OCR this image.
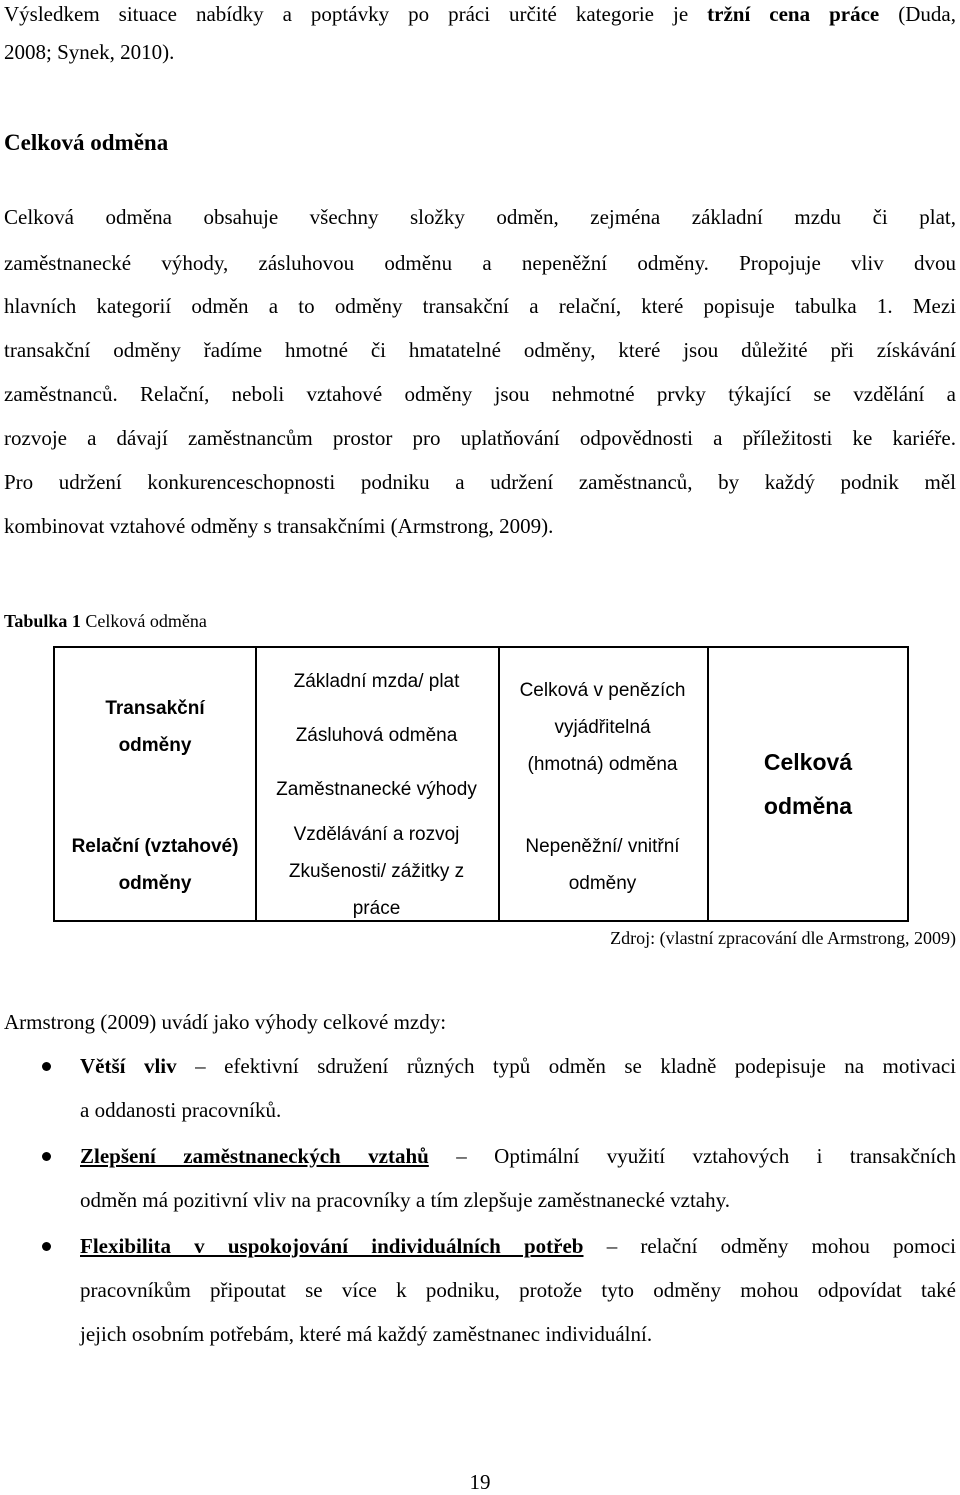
Výsledkem situace nabídky a poptávky po práci určité kategorie je tržní cena práce (Duda,
2008; Synek, 2010).
Celková odměna
Celková odměna obsahuje všechny složky odměn, zejména základní mzdu či plat,
zaměstnanecké výhody, zásluhovou odměnu a nepeněžní odměny. Propojuje vliv dvou
hlavních kategorií odměn a to odměny transakční a relační, které popisuje tabulka 1. Mezi
transakční odměny řadíme hmotné či hmatatelné odměny, které jsou důležité při získávání
zaměstnanců. Relační, neboli vztahové odměny jsou nehmotné prvky týkající se vzdělání a
rozvoje a dávají zaměstnancům prostor pro uplatňování odpovědnosti a příležitosti ke kariéře.
Pro udržení konkurenceschopnosti podniku a udržení zaměstnanců, by každý podnik měl
kombinovat vztahové odměny s transakčními (Armstrong, 2009).
Tabulka 1 Celková odměna
Transakční
odměny
Relační (vztahové)
odměny
Základní mzda/ plat
Zásluhová odměna
Zaměstnanecké výhody
Vzdělávání a rozvoj
Zkušenosti/ zážitky z
práce
Celková v penězích
vyjádřitelná
(hmotná) odměna
Nepeněžní/ vnitřní
odměny
Celková
odměna
Zdroj: (vlastní zpracování dle Armstrong, 2009)
Armstrong (2009) uvádí jako výhody celkové mzdy:
Větší vliv – efektivní sdružení různých typů odměn se kladně podepisuje na motivaci
a oddanosti pracovníků.
Zlepšení zaměstnaneckých vztahů – Optimální využití vztahových i transakčních
odměn má pozitivní vliv na pracovníky a tím zlepšuje zaměstnanecké vztahy.
Flexibilita v uspokojování individuálních potřeb – relační odměny mohou pomoci
pracovníkům připoutat se více k podniku, protože tyto odměny mohou odpovídat také
jejich osobním potřebám, které má každý zaměstnanec individuální.
19
